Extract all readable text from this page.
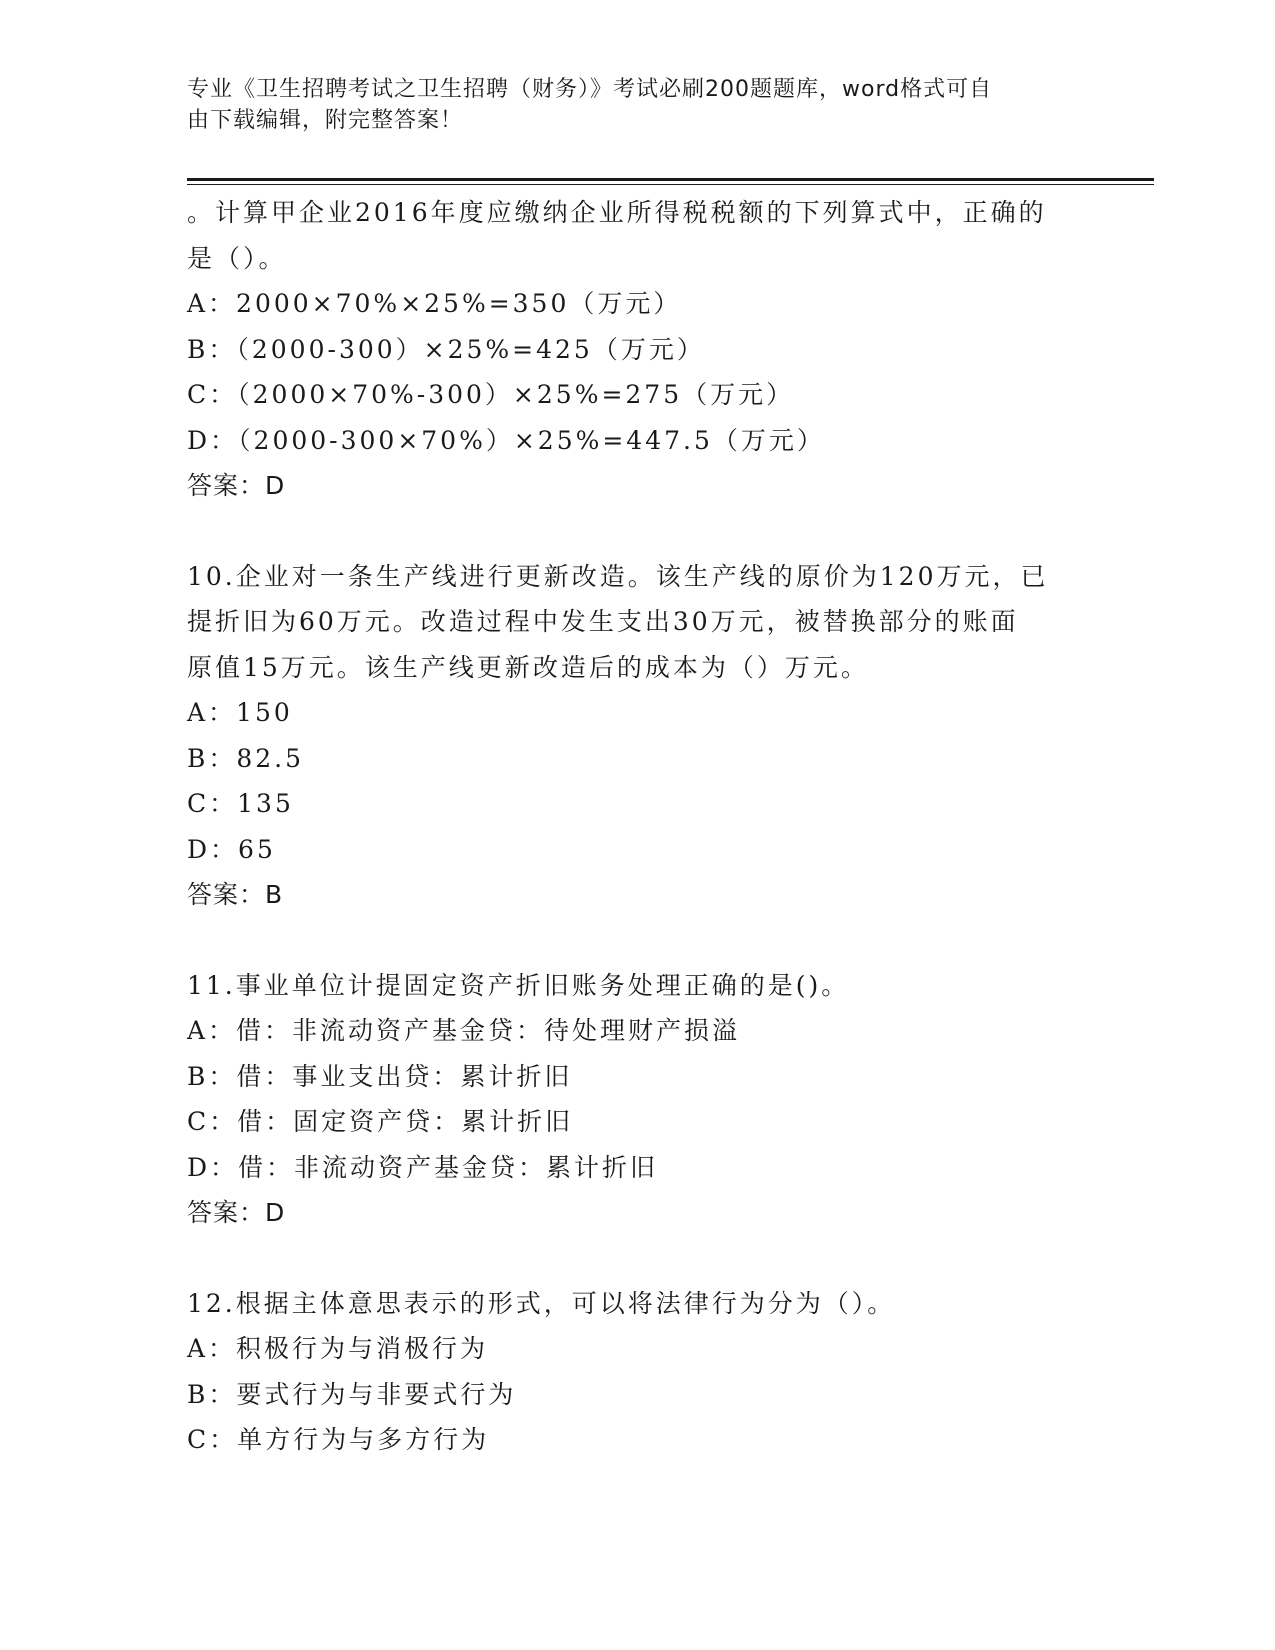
专业《卫生招聘考试之卫生招聘（财务）》考试必刷200题题库，word格式可自
由下载编辑，附完整答案！
。计算甲企业2016年度应缴纳企业所得税税额的下列算式中，正确的
是（）。
A：2000×70%×25%=350（万元）
B：（2000-300）×25%=425（万元）
C：（2000×70%-300）×25%=275（万元）
D：（2000-300×70%）×25%=447.5（万元）
答案：D
10.企业对一条生产线进行更新改造。该生产线的原价为120万元，已
提折旧为60万元。改造过程中发生支出30万元，被替换部分的账面
原值15万元。该生产线更新改造后的成本为（）万元。
A：150
B：82.5
C：135
D：65
答案：B
11.事业单位计提固定资产折旧账务处理正确的是()。
A：借：非流动资产基金贷：待处理财产损溢
B：借：事业支出贷：累计折旧
C：借：固定资产贷：累计折旧
D：借：非流动资产基金贷：累计折旧
答案：D
12.根据主体意思表示的形式，可以将法律行为分为（）。
A：积极行为与消极行为
B：要式行为与非要式行为
C：单方行为与多方行为
